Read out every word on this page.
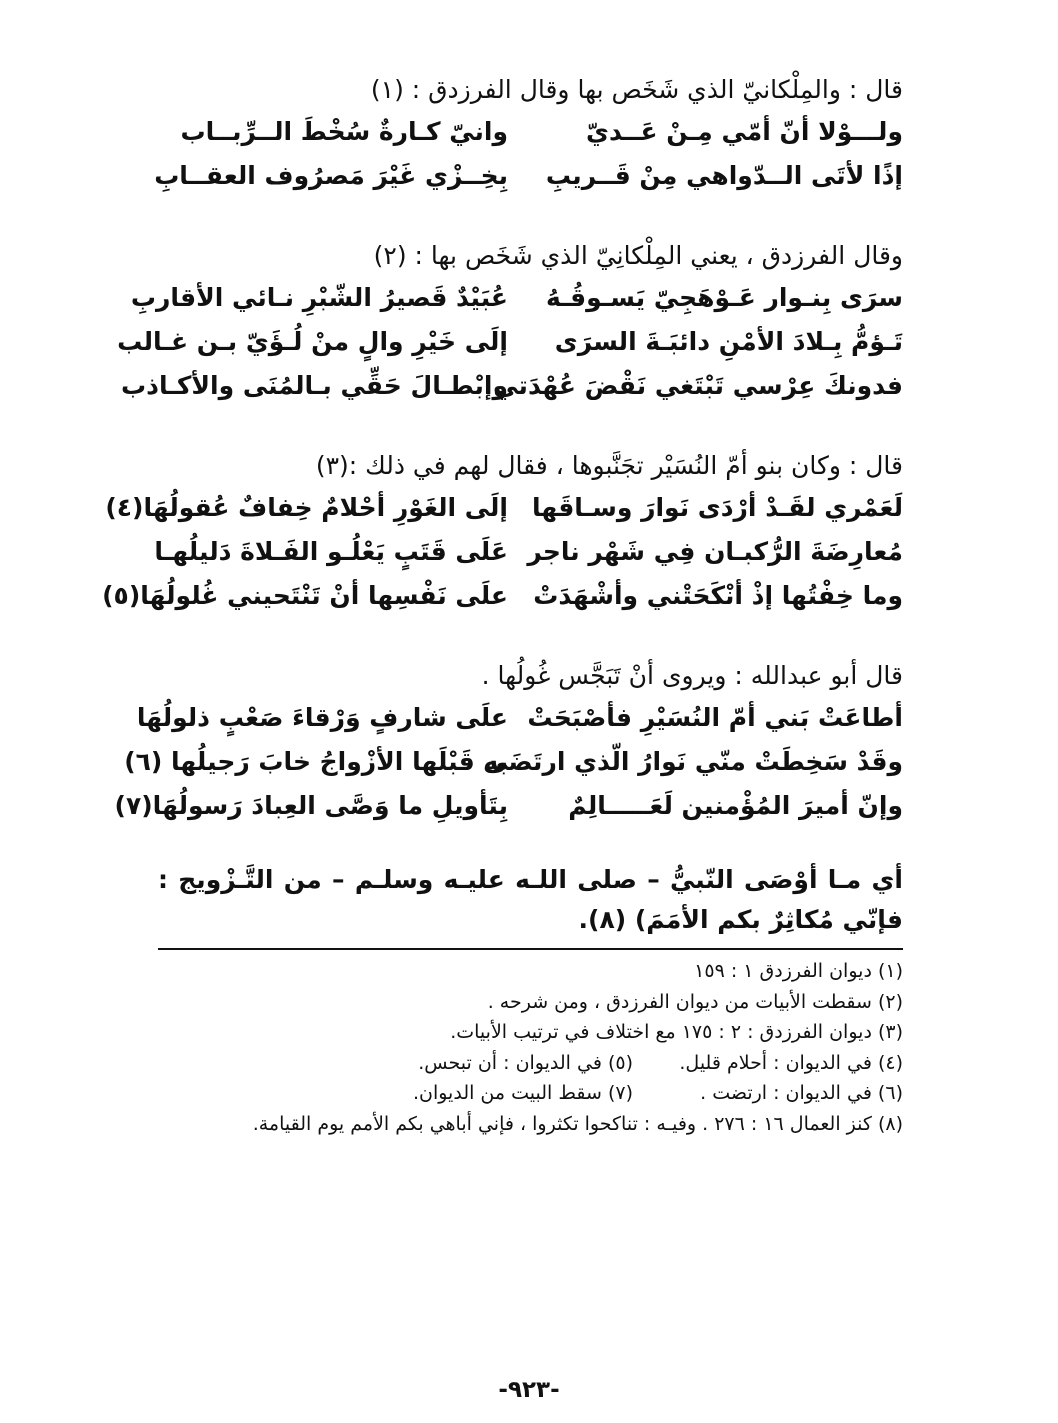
قال : والمِلْكانيّ الذي شَخَص بها وقال الفرزدق : (١)
ولـــوْلا أنّ أمّي مِـنْ عَــديّ
وانيّ كـارةٌ سُخْطَ الــرِّبــاب
إذًا لأتَى الــدّواهي مِنْ قَــريبِ
بِخِــزْي غَيْرَ مَصرُوف العقــابِ
وقال الفرزدق ، يعني المِلْكانِيّ الذي شَخَص بها : (٢)
سرَى بِنـوار عَـوْهَجِيّ يَسـوقُـهُ
عُبَيْدٌ قَصيرُ الشّبْرِ نـائي الأقاربِ
تَـؤمُّ بِـلادَ الأمْنِ دائبَـةَ السرَى
إلَى خَيْرِ والٍ منْ لُـؤَيّ بـن غـالب
فدونكَ عِرْسي تَبْتَغي نَقْضَ عُهْدَتي
وإبْطـالَ حَقِّي بـالمُنَى والأكـاذب
قال : وكان بنو أمّ النُسَيْر تجَنَّبوها ، فقال لهم في ذلك :(٣)
لَعَمْري لقَـدْ أرْدَى نَوارَ وسـاقَها
إلَى الغَوْرِ أحْلامٌ خِفافٌ عُقولُهَا(٤)
مُعارِضَةَ الرُّكبـان فِي شَهْر ناجر
عَلَى قَتَبٍ يَعْلُـو الفَـلاةَ دَليلُهـا
وما خِفْتُها إذْ أنْكَحَتْني وأشْهَدَتْ
علَى نَفْسِها أنْ تَنْتَحيني غُلولُهَا(٥)
قال أبو عبدالله : ويروى أنْ تَبَجَّس غُولُها .
أطاعَتْ بَني أمّ النُسَيْرِ فأصْبَحَتْ
علَى شارفٍ وَرْقاءَ صَعْبٍ ذلولُهَا
وقَدْ سَخِطَتْ منّي نَوارُ الّذي ارتَضَى
به قَبْلَها الأزْواجُ خابَ رَجيلُها (٦)
وإنّ أميرَ المُؤْمنين لَعَـــــالِمٌ
بِتَأويلِ ما وَصَّى العِبادَ رَسولُهَا(٧)
أي مـا أوْصَى النّبيُّ – صلى اللـه عليـه وسلـم – من التَّـزْويج : فإنّي مُكاثِرٌ بكم الأمَمَ) (٨).
(١) ديوان الفرزدق ١ : ١٥٩
(٢) سقطت الأبيات من ديوان الفرزدق ، ومن شرحه .
(٣) ديوان الفرزدق : ٢ : ١٧٥ مع اختلاف في ترتيب الأبيات.
(٤) في الديوان : أحلام قليل.
(٥) في الديوان : أن تبحس.
(٦) في الديوان : ارتضت .
(٧) سقط البيت من الديوان.
(٨) كنز العمال ١٦ : ٢٧٦ . وفيـه : تناكحوا تكثروا ، فإني أباهي بكم الأمم يوم القيامة.
-٩٢٣-
